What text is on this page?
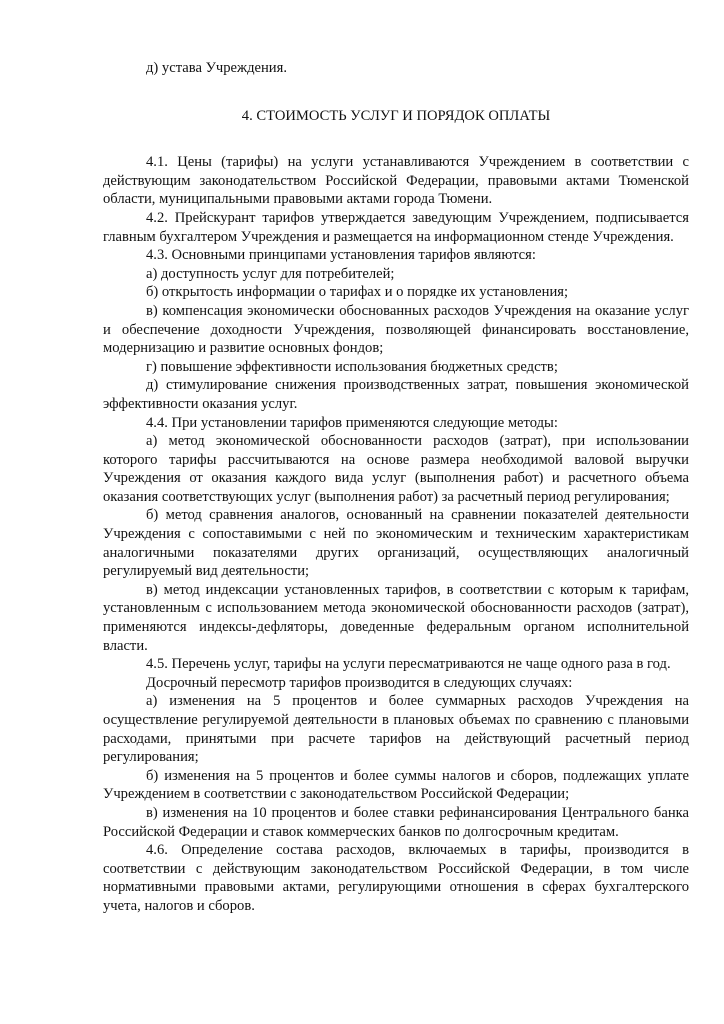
д) устава Учреждения.

4. СТОИМОСТЬ УСЛУГ И ПОРЯДОК ОПЛАТЫ

4.1. Цены (тарифы) на услуги устанавливаются Учреждением в соответствии с действующим законодательством Российской Федерации, правовыми актами Тюменской области, муниципальными правовыми актами города Тюмени.

4.2. Прейскурант тарифов утверждается заведующим Учреждением, подписывается главным бухгалтером Учреждения и размещается на информационном стенде Учреждения.

4.3. Основными принципами установления тарифов являются:

а) доступность услуг для потребителей;

б) открытость информации о тарифах и о порядке их установления;

в) компенсация экономически обоснованных расходов Учреждения на оказание услуг и обеспечение доходности Учреждения, позволяющей финансировать восстановление, модернизацию и развитие основных фондов;

г) повышение эффективности использования бюджетных средств;

д) стимулирование снижения производственных затрат, повышения экономической эффективности оказания услуг.

4.4. При установлении тарифов применяются следующие методы:

а) метод экономической обоснованности расходов (затрат), при использовании которого тарифы рассчитываются на основе размера необходимой валовой выручки Учреждения от оказания каждого вида услуг (выполнения работ) и расчетного объема оказания соответствующих услуг (выполнения работ) за расчетный период регулирования;

б) метод сравнения аналогов, основанный на сравнении показателей деятельности Учреждения с сопоставимыми с ней по экономическим и техническим характеристикам аналогичными показателями других организаций, осуществляющих аналогичный регулируемый вид деятельности;

в) метод индексации установленных тарифов, в соответствии с которым к тарифам, установленным с использованием метода экономической обоснованности расходов (затрат), применяются индексы-дефляторы, доведенные федеральным органом исполнительной власти.

4.5. Перечень услуг, тарифы на услуги пересматриваются не чаще одного раза в год.

Досрочный пересмотр тарифов производится в следующих случаях:

а) изменения на 5 процентов и более суммарных расходов Учреждения на осуществление регулируемой деятельности в плановых объемах по сравнению с плановыми расходами, принятыми при расчете тарифов на действующий расчетный период регулирования;

б) изменения на 5 процентов и более суммы налогов и сборов, подлежащих уплате Учреждением в соответствии с законодательством Российской Федерации;

в) изменения на 10 процентов и более ставки рефинансирования Центрального банка Российской Федерации и ставок коммерческих банков по долгосрочным кредитам.

4.6. Определение состава расходов, включаемых в тарифы, производится в соответствии с действующим законодательством Российской Федерации, в том числе нормативными правовыми актами, регулирующими отношения в сферах бухгалтерского учета, налогов и сборов.
